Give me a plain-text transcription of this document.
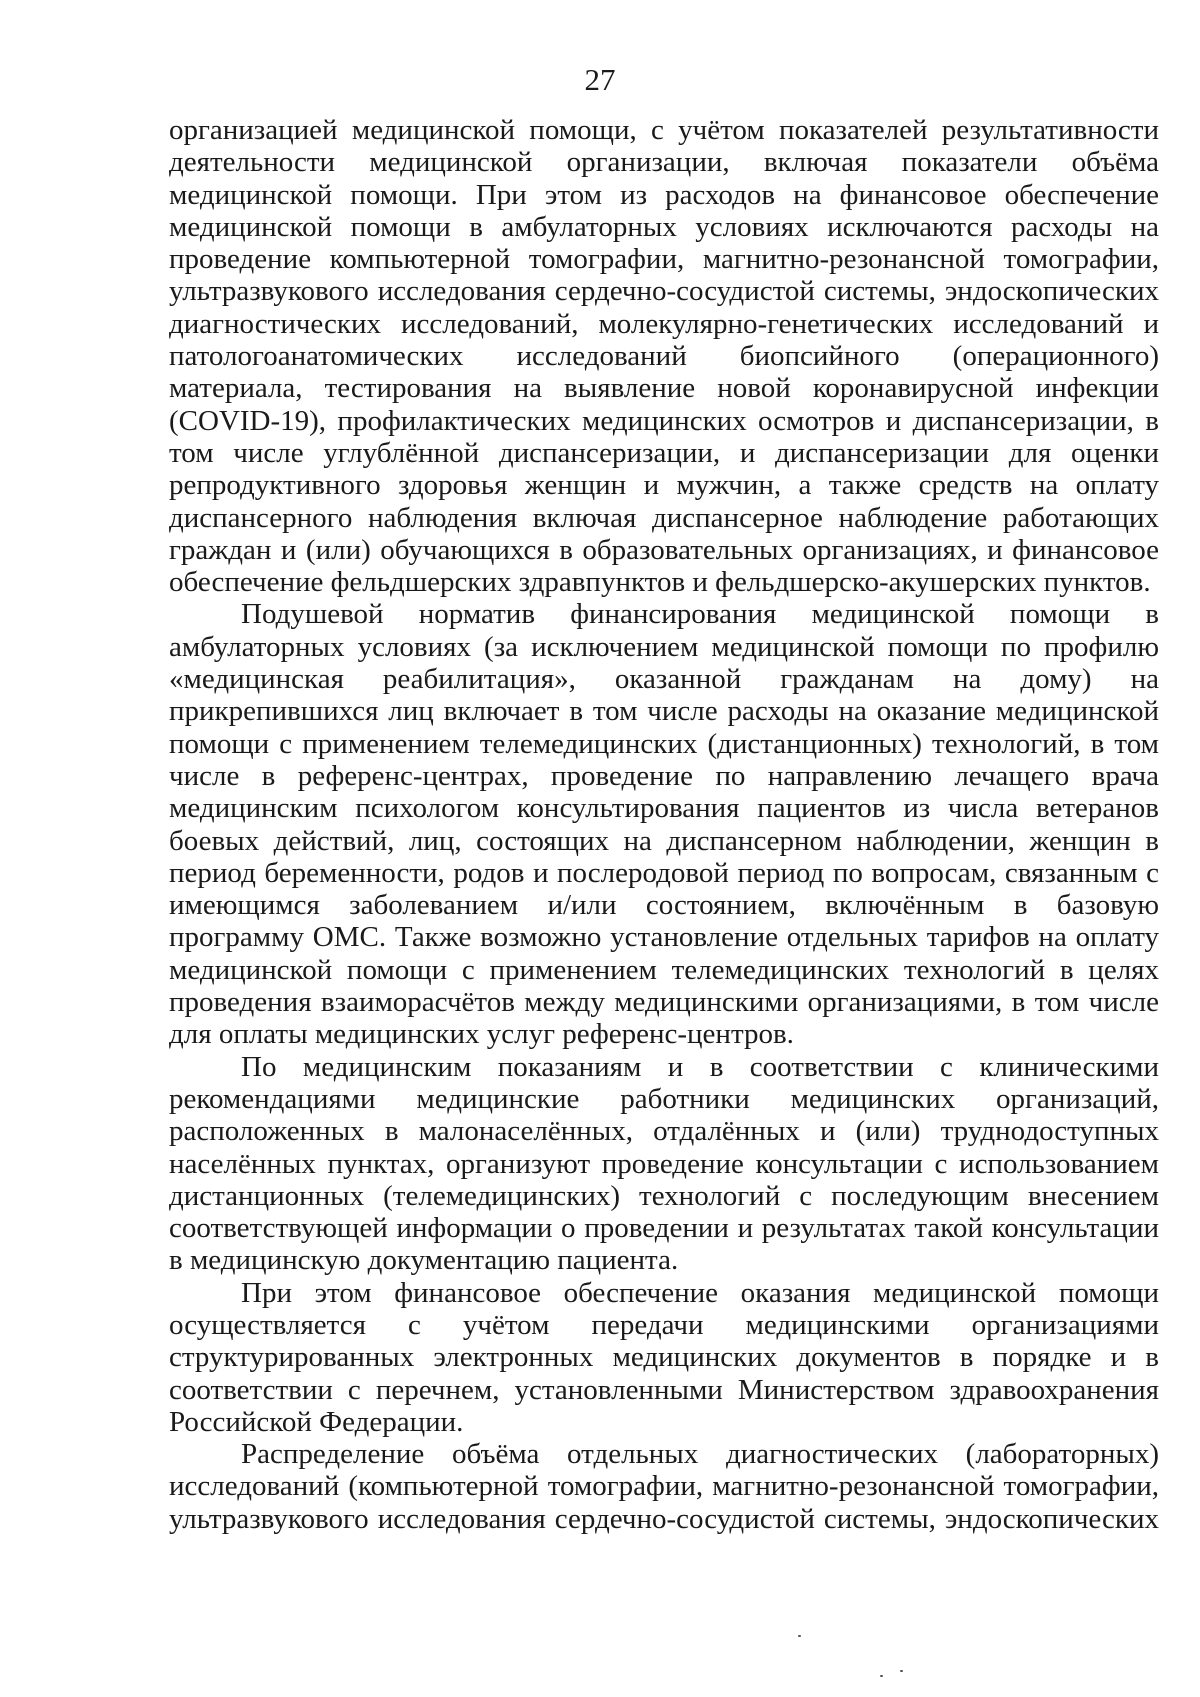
27

организацией медицинской помощи, с учётом показателей результативности деятельности медицинской организации, включая показатели объёма медицинской помощи. При этом из расходов на финансовое обеспечение медицинской помощи в амбулаторных условиях исключаются расходы на проведение компьютерной томографии, магнитно-резонансной томографии, ультразвукового исследования сердечно-сосудистой системы, эндоскопических диагностических исследований, молекулярно-генетических исследований и патологоанатомических исследований биопсийного (операционного) материала, тестирования на выявление новой коронавирусной инфекции (COVID-19), профилактических медицинских осмотров и диспансеризации, в том числе углублённой диспансеризации, и диспансеризации для оценки репродуктивного здоровья женщин и мужчин, а также средств на оплату диспансерного наблюдения включая диспансерное наблюдение работающих граждан и (или) обучающихся в образовательных организациях, и финансовое обеспечение фельдшерских здравпунктов и фельдшерско-акушерских пунктов.

Подушевой норматив финансирования медицинской помощи в амбулаторных условиях (за исключением медицинской помощи по профилю «медицинская реабилитация», оказанной гражданам на дому) на прикрепившихся лиц включает в том числе расходы на оказание медицинской помощи с применением телемедицинских (дистанционных) технологий, в том числе в референс-центрах, проведение по направлению лечащего врача медицинским психологом консультирования пациентов из числа ветеранов боевых действий, лиц, состоящих на диспансерном наблюдении, женщин в период беременности, родов и послеродовой период по вопросам, связанным с имеющимся заболеванием и/или состоянием, включённым в базовую программу ОМС. Также возможно установление отдельных тарифов на оплату медицинской помощи с применением телемедицинских технологий в целях проведения взаиморасчётов между медицинскими организациями, в том числе для оплаты медицинских услуг референс-центров.

По медицинским показаниям и в соответствии с клиническими рекомендациями медицинские работники медицинских организаций, расположенных в малонаселённых, отдалённых и (или) труднодоступных населённых пунктах, организуют проведение консультации с использованием дистанционных (телемедицинских) технологий с последующим внесением соответствующей информации о проведении и результатах такой консультации в медицинскую документацию пациента.

При этом финансовое обеспечение оказания медицинской помощи осуществляется с учётом передачи медицинскими организациями структурированных электронных медицинских документов в порядке и в соответствии с перечнем, установленными Министерством здравоохранения Российской Федерации.

Распределение объёма отдельных диагностических (лабораторных) исследований (компьютерной томографии, магнитно-резонансной томографии, ультразвукового исследования сердечно-сосудистой системы, эндоскопических
